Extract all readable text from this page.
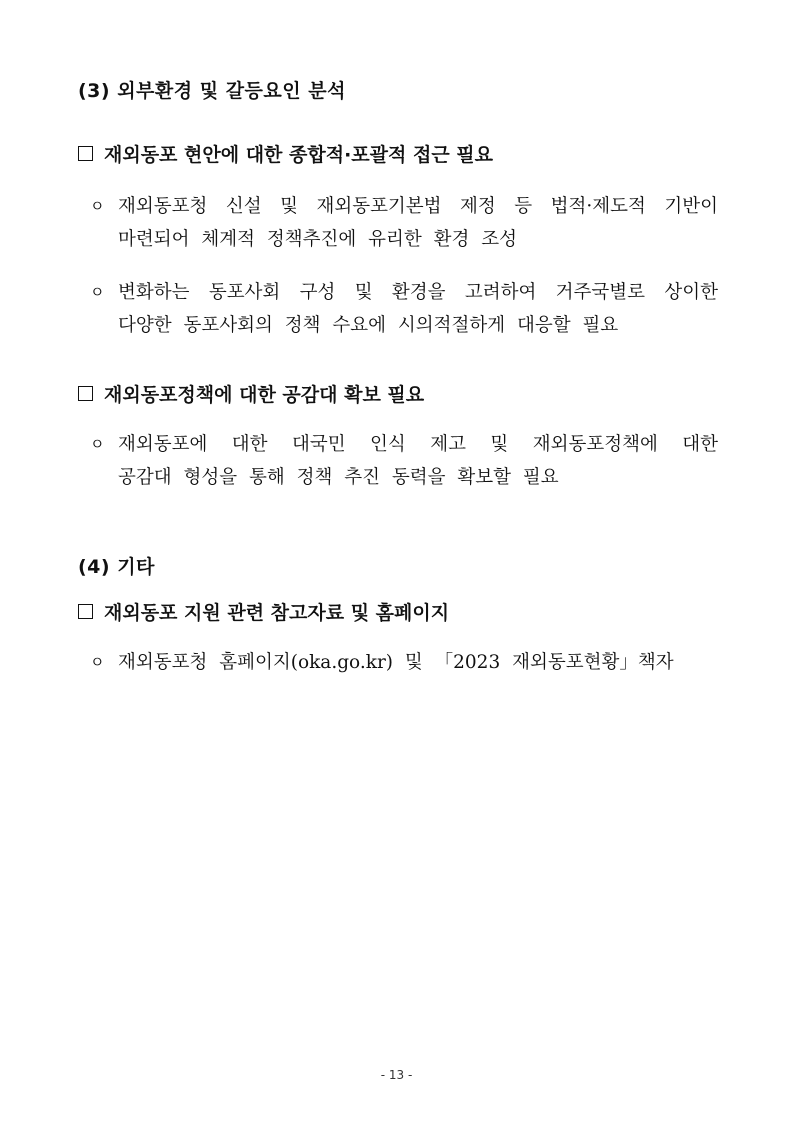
(3) 외부환경 및 갈등요인 분석
재외동포 현안에 대한 종합적·포괄적 접근 필요
ㅇ 재외동포청 신설 및 재외동포기본법 제정 등 법적·제도적 기반이
마련되어 체계적 정책추진에 유리한 환경 조성
ㅇ 변화하는 동포사회 구성 및 환경을 고려하여 거주국별로 상이한
다양한 동포사회의 정책 수요에 시의적절하게 대응할 필요
재외동포정책에 대한 공감대 확보 필요
ㅇ 재외동포에 대한 대국민 인식 제고 및 재외동포정책에 대한
공감대 형성을 통해 정책 추진 동력을 확보할 필요
(4) 기타
재외동포 지원 관련 참고자료 및 홈페이지
ㅇ 재외동포청 홈페이지(oka.go.kr) 및 「2023 재외동포현황」책자
- 13 -
